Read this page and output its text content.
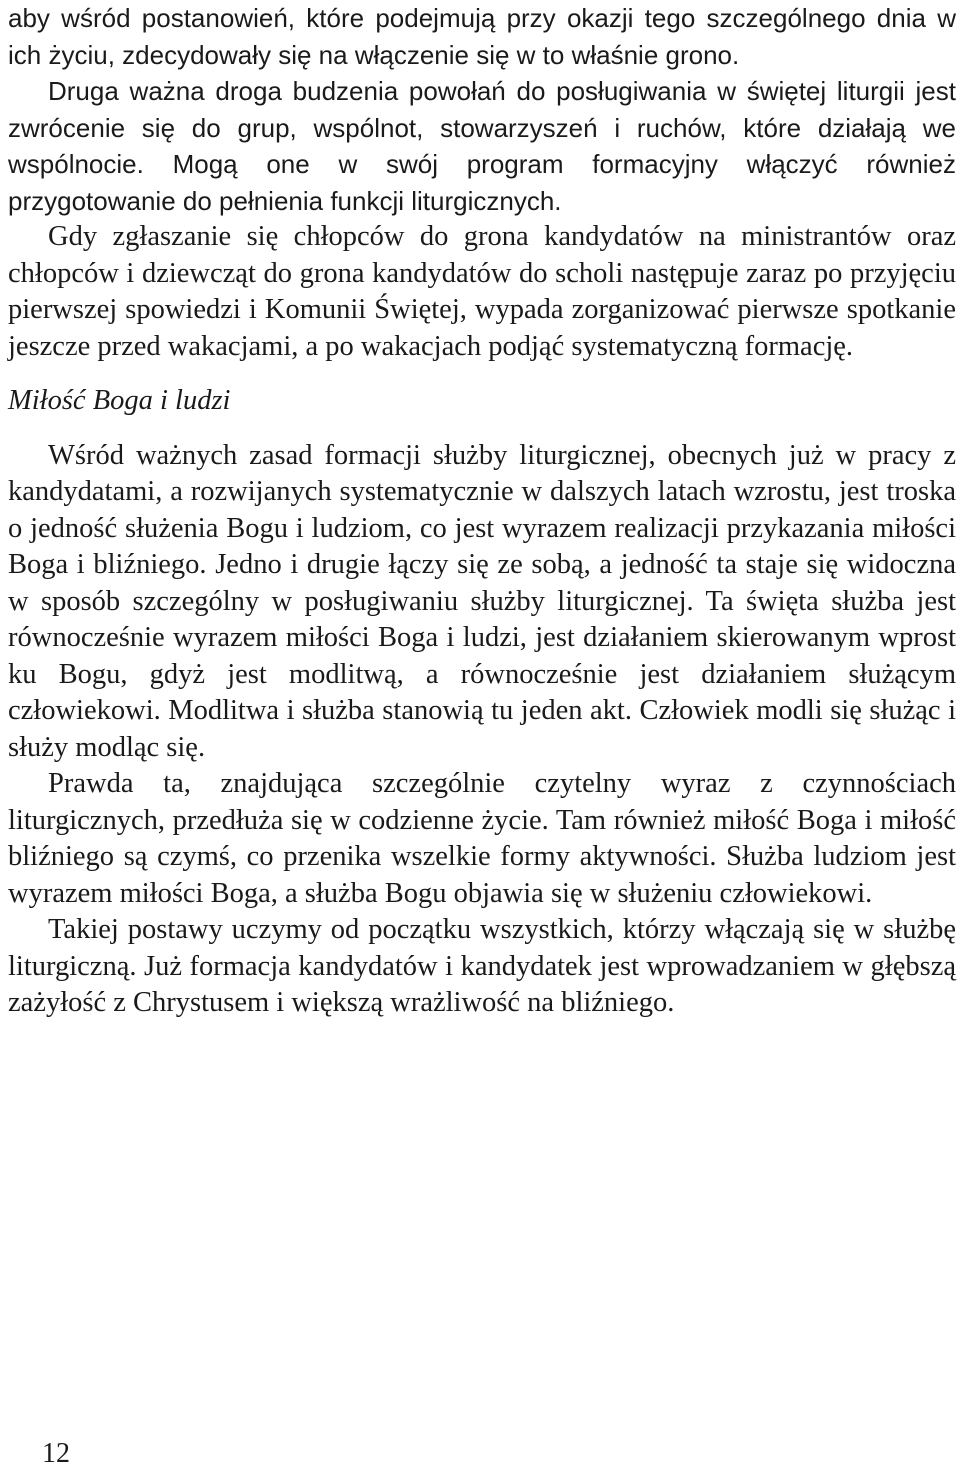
aby wśród postanowień, które podejmują przy okazji tego szczególnego dnia w ich życiu, zdecydowały się na włączenie się w to właśnie grono.

Druga ważna droga budzenia powołań do posługiwania w świętej liturgii jest zwrócenie się do grup, wspólnot, stowarzyszeń i ruchów, które działają we wspólnocie. Mogą one w swój program formacyjny włączyć również przygotowanie do pełnienia funkcji liturgicznych.

Gdy zgłaszanie się chłopców do grona kandydatów na ministrantów oraz chłopców i dziewcząt do grona kandydatów do scholi następuje zaraz po przyjęciu pierwszej spowiedzi i Komunii Świętej, wypada zorganizować pierwsze spotkanie jeszcze przed wakacjami, a po wakacjach podjąć systematyczną formację.

Miłość Boga i ludzi

Wśród ważnych zasad formacji służby liturgicznej, obecnych już w pracy z kandydatami, a rozwijanych systematycznie w dalszych latach wzrostu, jest troska o jedność służenia Bogu i ludziom, co jest wyrazem realizacji przykazania miłości Boga i bliźniego. Jedno i drugie łączy się ze sobą, a jedność ta staje się widoczna w sposób szczególny w posługiwaniu służby liturgicznej. Ta święta służba jest równocześnie wyrazem miłości Boga i ludzi, jest działaniem skierowanym wprost ku Bogu, gdyż jest modlitwą, a równocześnie jest działaniem służącym człowiekowi. Modlitwa i służba stanowią tu jeden akt. Człowiek modli się służąc i służy modląc się.

Prawda ta, znajdująca szczególnie czytelny wyraz z czynnościach liturgicznych, przedłuża się w codzienne życie. Tam również miłość Boga i miłość bliźniego są czymś, co przenika wszelkie formy aktywności. Służba ludziom jest wyrazem miłości Boga, a służba Bogu objawia się w służeniu człowiekowi.

Takiej postawy uczymy od początku wszystkich, którzy włączają się w służbę liturgiczną. Już formacja kandydatów i kandydatek jest wprowadzaniem w głębszą zażyłość z Chrystusem i większą wrażliwość na bliźniego.

12
